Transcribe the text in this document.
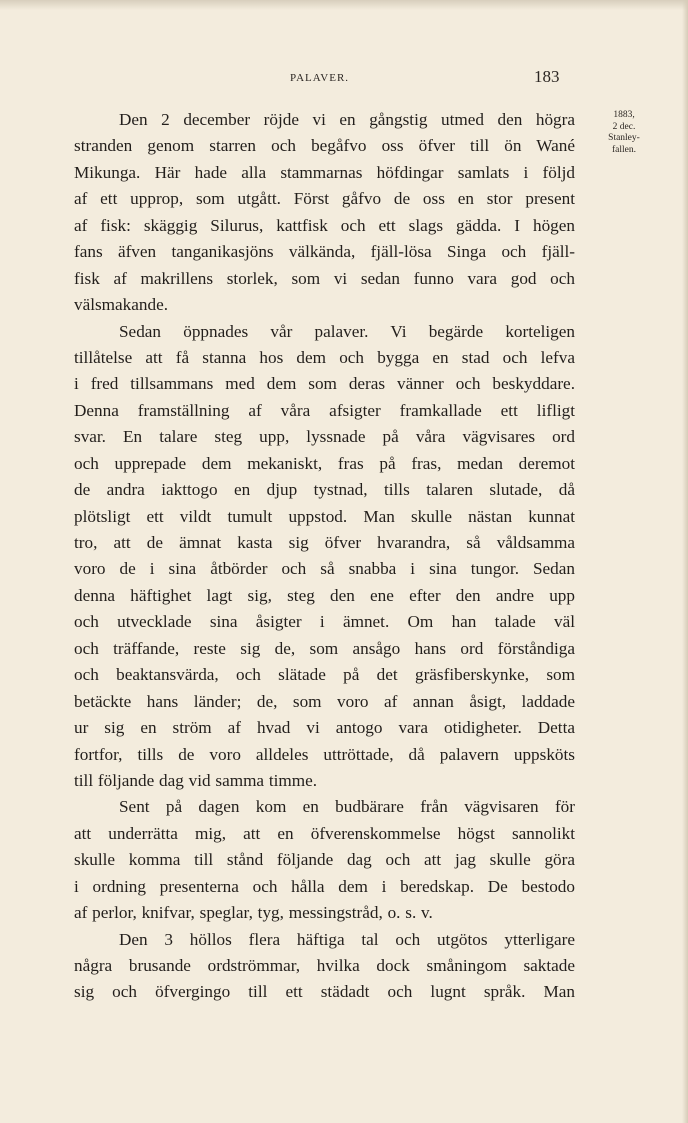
PALAVER.	183
1883,
2 dec.
Stanley-
fallen.
Den 2 december röjde vi en gångstig utmed den högra
stranden genom starren och begåfvo oss öfver till ön Wané
Mikunga. Här hade alla stammarnas höfdingar samlats i följd
af ett upprop, som utgått. Först gåfvo de oss en stor present
af fisk: skäggig Silurus, kattfisk och ett slags gädda. I högen
fans äfven tanganikasjöns välkända, fjäll-lösa Singa och fjäll-
fisk af makrillens storlek, som vi sedan funno vara god och
välsmakande.
Sedan öppnades vår palaver. Vi begärde korteligen
tillåtelse att få stanna hos dem och bygga en stad och lefva
i fred tillsammans med dem som deras vänner och beskyddare.
Denna framställning af våra afsigter framkallade ett lifligt
svar. En talare steg upp, lyssnade på våra vägvisares ord
och upprepade dem mekaniskt, fras på fras, medan deremot
de andra iakttogo en djup tystnad, tills talaren slutade, då
plötsligt ett vildt tumult uppstod. Man skulle nästan kunnat
tro, att de ämnat kasta sig öfver hvarandra, så våldsamma
voro de i sina åtbörder och så snabba i sina tungor. Sedan
denna häftighet lagt sig, steg den ene efter den andre upp
och utvecklade sina åsigter i ämnet. Om han talade väl
och träffande, reste sig de, som ansågo hans ord förståndiga
och beaktansvärda, och slätade på det gräsfiberskynke, som
betäckte hans länder; de, som voro af annan åsigt, laddade
ur sig en ström af hvad vi antogo vara otidigheter. Detta
fortfor, tills de voro alldeles uttröttade, då palavern uppsköts
till följande dag vid samma timme.
Sent på dagen kom en budbärare från vägvisaren för
att underrätta mig, att en öfverenskommelse högst sannolikt
skulle komma till stånd följande dag och att jag skulle göra
i ordning presenterna och hålla dem i beredskap. De bestodo
af perlor, knifvar, speglar, tyg, messingstråd, o. s. v.
Den 3 höllos flera häftiga tal och utgötos ytterligare
några brusande ordströmmar, hvilka dock småningom saktade
sig och öfvergingo till ett städadt och lugnt språk. Man
